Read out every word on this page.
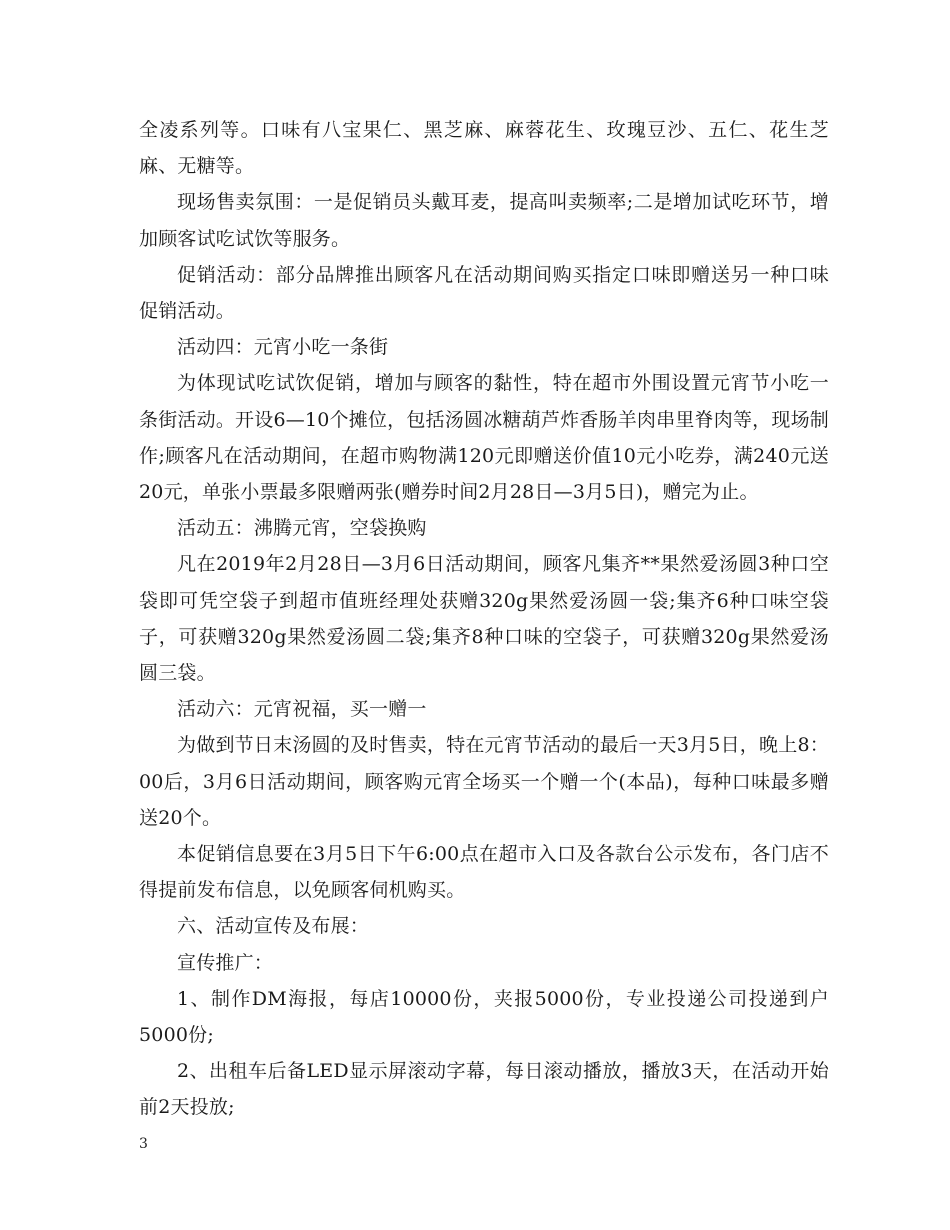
全凌系列等。口味有八宝果仁、黑芝麻、麻蓉花生、玫瑰豆沙、五仁、花生芝麻、无糖等。

现场售卖氛围：一是促销员头戴耳麦，提高叫卖频率;二是增加试吃环节，增加顾客试吃试饮等服务。

促销活动：部分品牌推出顾客凡在活动期间购买指定口味即赠送另一种口味促销活动。

活动四：元宵小吃一条街

为体现试吃试饮促销，增加与顾客的黏性，特在超市外围设置元宵节小吃一条街活动。开设6—10个摊位，包括汤圆冰糖葫芦炸香肠羊肉串里脊肉等，现场制作;顾客凡在活动期间，在超市购物满120元即赠送价值10元小吃券，满240元送20元，单张小票最多限赠两张(赠券时间2月28日—3月5日)，赠完为止。

活动五：沸腾元宵，空袋换购

凡在2019年2月28日—3月6日活动期间，顾客凡集齐**果然爱汤圆3种口空袋即可凭空袋子到超市值班经理处获赠320g果然爱汤圆一袋;集齐6种口味空袋子，可获赠320g果然爱汤圆二袋;集齐8种口味的空袋子，可获赠320g果然爱汤圆三袋。

活动六：元宵祝福，买一赠一

为做到节日末汤圆的及时售卖，特在元宵节活动的最后一天3月5日，晚上8：00后，3月6日活动期间，顾客购元宵全场买一个赠一个(本品)，每种口味最多赠送20个。

本促销信息要在3月5日下午6:00点在超市入口及各款台公示发布，各门店不得提前发布信息，以免顾客伺机购买。

六、活动宣传及布展：

宣传推广：

1、制作DM海报，每店10000份，夹报5000份，专业投递公司投递到户5000份;

2、出租车后备LED显示屏滚动字幕，每日滚动播放，播放3天，在活动开始前2天投放;

3
